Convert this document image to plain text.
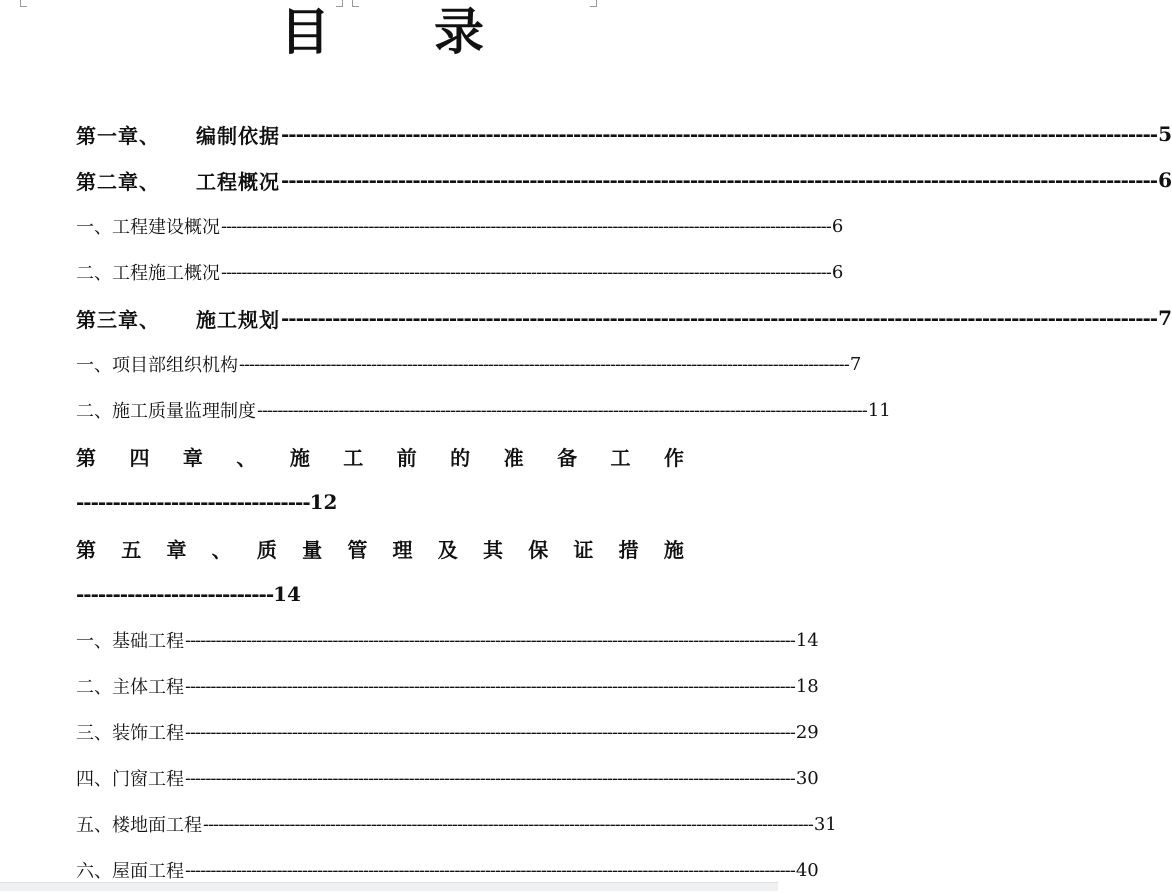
目 录
第一章、 编制依据 ------------------------------------------------------------------------------------------------------------------------ 5
第二章、 工程概况 ------------------------------------------------------------------------------------------------------------------------ 6
一、工程建设概况 ------------------------------------------------------------------------------------------------------------------------ 6
二、工程施工概况 ------------------------------------------------------------------------------------------------------------------------ 6
第三章、 施工规划 ------------------------------------------------------------------------------------------------------------------------ 7
一、项目部组织机构 ------------------------------------------------------------------------------------------------------------------------ 7
二、施工质量监理制度 ------------------------------------------------------------------------------------------------------------------------ 11
第 四 章 、 施 工 前 的 准 备 工 作
-------------------------------- 12
第 五 章 、 质 量 管 理 及 其 保 证 措 施
--------------------------- 14
一、基础工程 ------------------------------------------------------------------------------------------------------------------------ 14
二、主体工程 ------------------------------------------------------------------------------------------------------------------------ 18
三、装饰工程 ------------------------------------------------------------------------------------------------------------------------ 29
四、门窗工程 ------------------------------------------------------------------------------------------------------------------------ 30
五、楼地面工程 ------------------------------------------------------------------------------------------------------------------------ 31
六、屋面工程 ------------------------------------------------------------------------------------------------------------------------ 40
